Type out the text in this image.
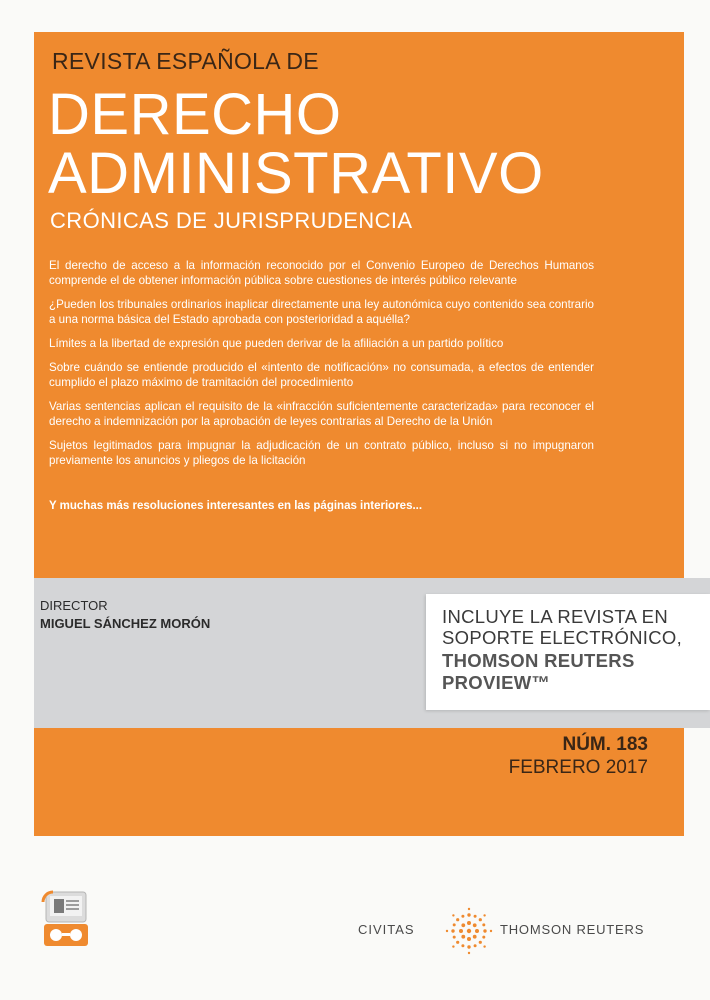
REVISTA ESPAÑOLA DE
DERECHO
ADMINISTRATIVO
CRÓNICAS DE JURISPRUDENCIA

El derecho de acceso a la información reconocido por el Convenio Europeo de Derechos Humanos comprende el de obtener información pública sobre cuestiones de interés público relevante

¿Pueden los tribunales ordinarios inaplicar directamente una ley autonómica cuyo contenido sea contrario a una norma básica del Estado aprobada con posterioridad a aquélla?

Límites a la libertad de expresión que pueden derivar de la afiliación a un partido político

Sobre cuándo se entiende producido el «intento de notificación» no consumada, a efectos de entender cumplido el plazo máximo de tramitación del procedimiento

Varias sentencias aplican el requisito de la «infracción suficientemente caracterizada» para reconocer el derecho a indemnización por la aprobación de leyes contrarias al Derecho de la Unión

Sujetos legitimados para impugnar la adjudicación de un contrato público, incluso si no impugnaron previamente los anuncios y pliegos de la licitación

Y muchas más resoluciones interesantes en las páginas interiores...
DIRECTOR
MIGUEL SÁNCHEZ MORÓN	INCLUYE LA REVISTA EN
SOPORTE ELECTRÓNICO,
THOMSON REUTERS
PROVIEW™
NÚM. 183
FEBRERO 2017
CIVITAS	THOMSON REUTERS
